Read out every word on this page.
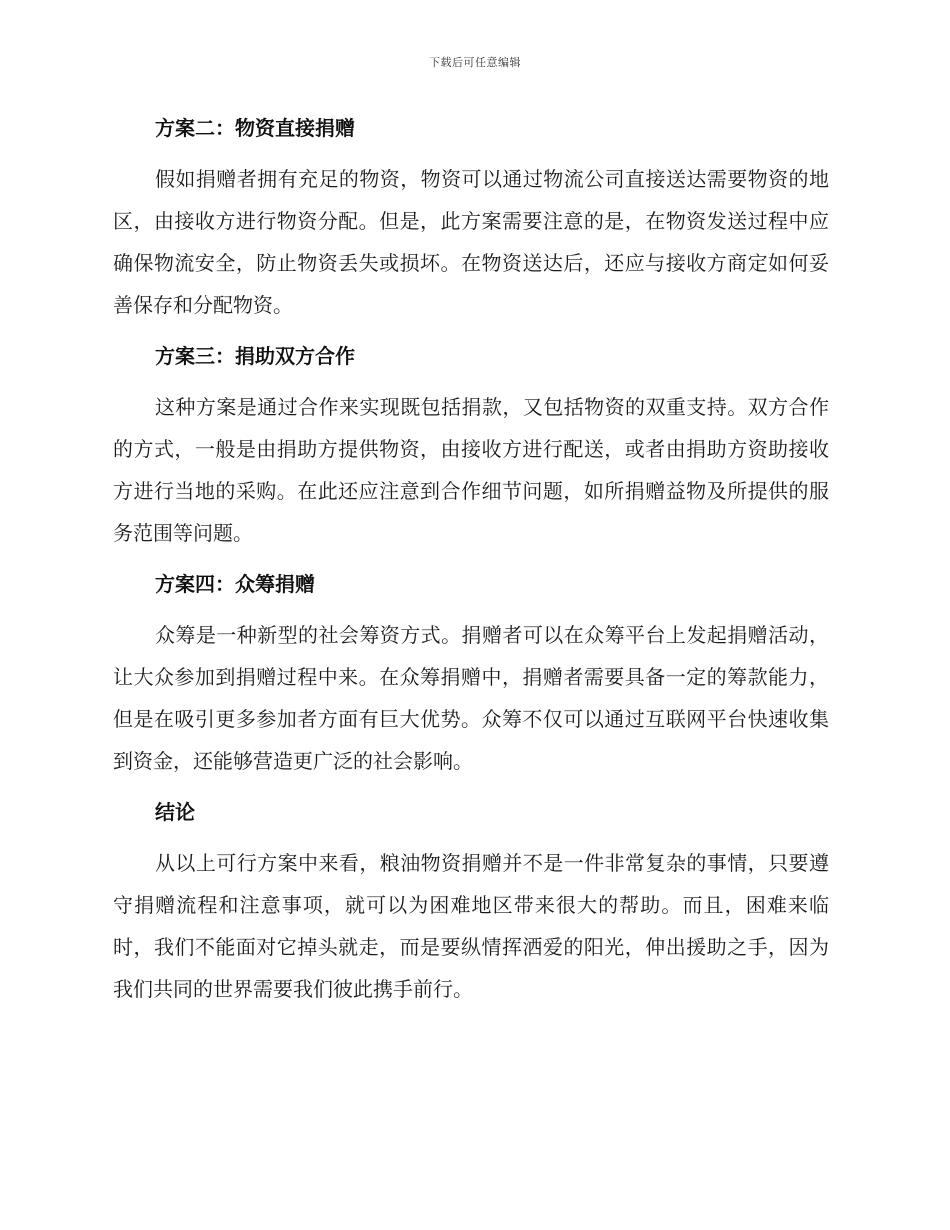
下载后可任意编辑
方案二：物资直接捐赠

假如捐赠者拥有充足的物资，物资可以通过物流公司直接送达需要物资的地区，由接收方进行物资分配。但是，此方案需要注意的是，在物资发送过程中应确保物流安全，防止物资丢失或损坏。在物资送达后，还应与接收方商定如何妥善保存和分配物资。

方案三：捐助双方合作

这种方案是通过合作来实现既包括捐款，又包括物资的双重支持。双方合作的方式，一般是由捐助方提供物资，由接收方进行配送，或者由捐助方资助接收方进行当地的采购。在此还应注意到合作细节问题，如所捐赠益物及所提供的服务范围等问题。

方案四：众筹捐赠

众筹是一种新型的社会筹资方式。捐赠者可以在众筹平台上发起捐赠活动，让大众参加到捐赠过程中来。在众筹捐赠中，捐赠者需要具备一定的筹款能力，但是在吸引更多参加者方面有巨大优势。众筹不仅可以通过互联网平台快速收集到资金，还能够营造更广泛的社会影响。

结论

从以上可行方案中来看，粮油物资捐赠并不是一件非常复杂的事情，只要遵守捐赠流程和注意事项，就可以为困难地区带来很大的帮助。而且，困难来临时，我们不能面对它掉头就走，而是要纵情挥洒爱的阳光，伸出援助之手，因为我们共同的世界需要我们彼此携手前行。
